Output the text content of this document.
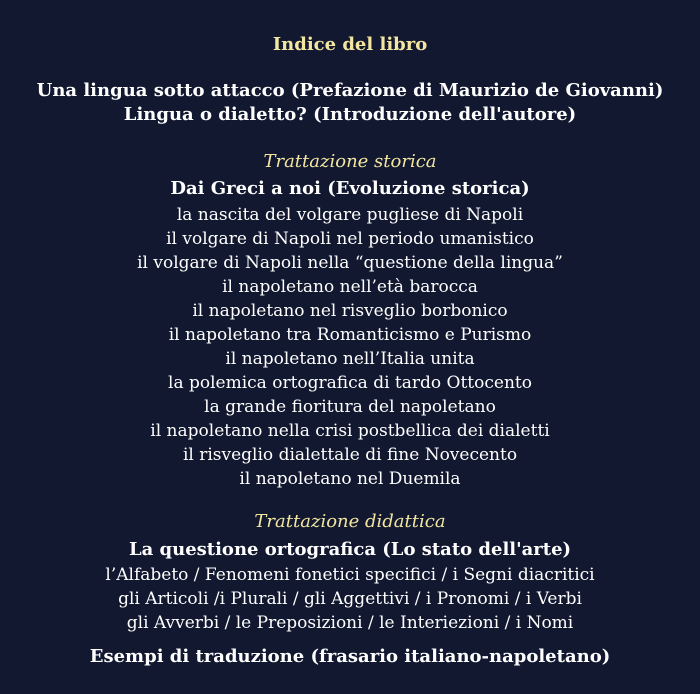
Indice del libro
Una lingua sotto attacco (Prefazione di Maurizio de Giovanni)
Lingua o dialetto? (Introduzione dell'autore)
Trattazione storica
Dai Greci a noi (Evoluzione storica)
la nascita del volgare pugliese di Napoli
il volgare di Napoli nel periodo umanistico
il volgare di Napoli nella “questione della lingua”
il napoletano nell’età barocca
il napoletano nel risveglio borbonico
il napoletano tra Romanticismo e Purismo
il napoletano nell’Italia unita
la polemica ortografica di tardo Ottocento
la grande fioritura del napoletano
il napoletano nella crisi postbellica dei dialetti
il risveglio dialettale di fine Novecento
il napoletano nel Duemila
Trattazione didattica
La questione ortografica (Lo stato dell'arte)
l’Alfabeto / Fenomeni fonetici specifici / i Segni diacritici
gli Articoli /i Plurali / gli Aggettivi / i Pronomi / i Verbi
gli Avverbi / le Preposizioni / le Interiezioni / i Nomi
Esempi di traduzione (frasario italiano-napoletano)
